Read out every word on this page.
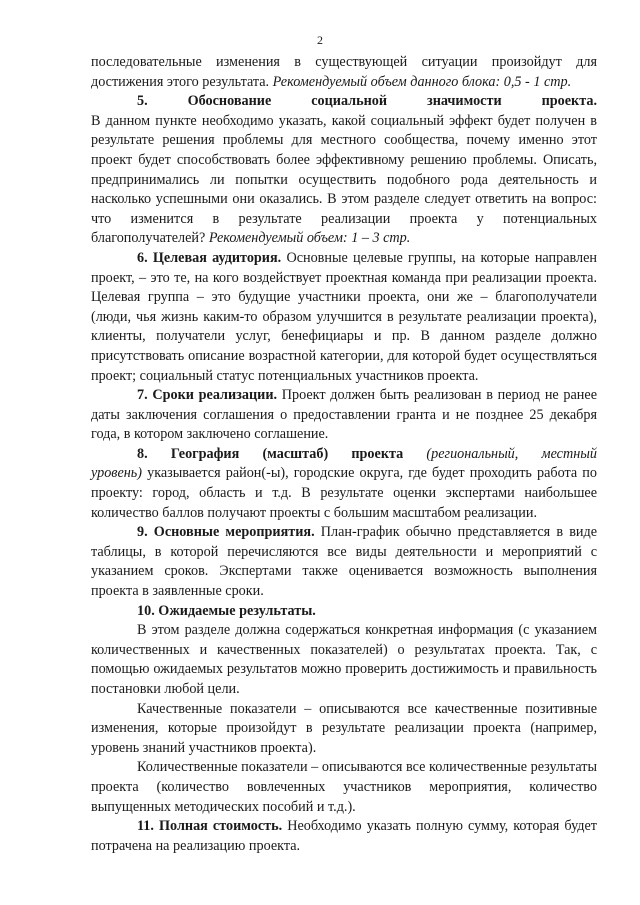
2

последовательные изменения в существующей ситуации произойдут для достижения этого результата. Рекомендуемый объем данного блока: 0,5 - 1 стр.

5.	Обоснование	социальной	значимости	проекта.

В данном пункте необходимо указать, какой социальный эффект будет получен в результате решения проблемы для местного сообщества, почему именно этот проект будет способствовать более эффективному решению проблемы. Описать, предпринимались ли попытки осуществить подобного рода деятельность и насколько успешными они оказались. В этом разделе следует ответить на вопрос: что изменится в результате реализации проекта у потенциальных благополучателей? Рекомендуемый объем: 1 – 3 стр.

6. Целевая аудитория. Основные целевые группы, на которые направлен проект, – это те, на кого воздействует проектная команда при реализации проекта. Целевая группа – это будущие участники проекта, они же – благополучатели (люди, чья жизнь каким-то образом улучшится в результате реализации проекта), клиенты, получатели услуг, бенефициары и пр. В данном разделе должно присутствовать описание возрастной категории, для которой будет осуществляться проект; социальный статус потенциальных участников проекта.

7. Сроки реализации. Проект должен быть реализован в период не ранее даты заключения соглашения о предоставлении гранта и не позднее 25 декабря года, в котором заключено соглашение.

8. География (масштаб) проекта (региональный, местный

уровень) указывается район(-ы), городские округа, где будет проходить работа по проекту: город, область и т.д. В результате оценки экспертами наибольшее количество баллов получают проекты с большим масштабом реализации.

9. Основные мероприятия. План-график обычно представляется в виде таблицы, в которой перечисляются все виды деятельности и мероприятий с указанием сроков. Экспертами также оценивается возможность выполнения проекта в заявленные сроки.

10. Ожидаемые результаты.

В этом разделе должна содержаться конкретная информация (с указанием количественных и качественных показателей) о результатах проекта. Так, с помощью ожидаемых результатов можно проверить достижимость и правильность постановки любой цели.

Качественные показатели – описываются все качественные позитивные изменения, которые произойдут в результате реализации проекта (например, уровень знаний участников проекта).

Количественные показатели – описываются все количественные результаты проекта (количество вовлеченных участников мероприятия, количество выпущенных методических пособий и т.д.).

11. Полная стоимость. Необходимо указать полную сумму, которая будет потрачена на реализацию проекта.
